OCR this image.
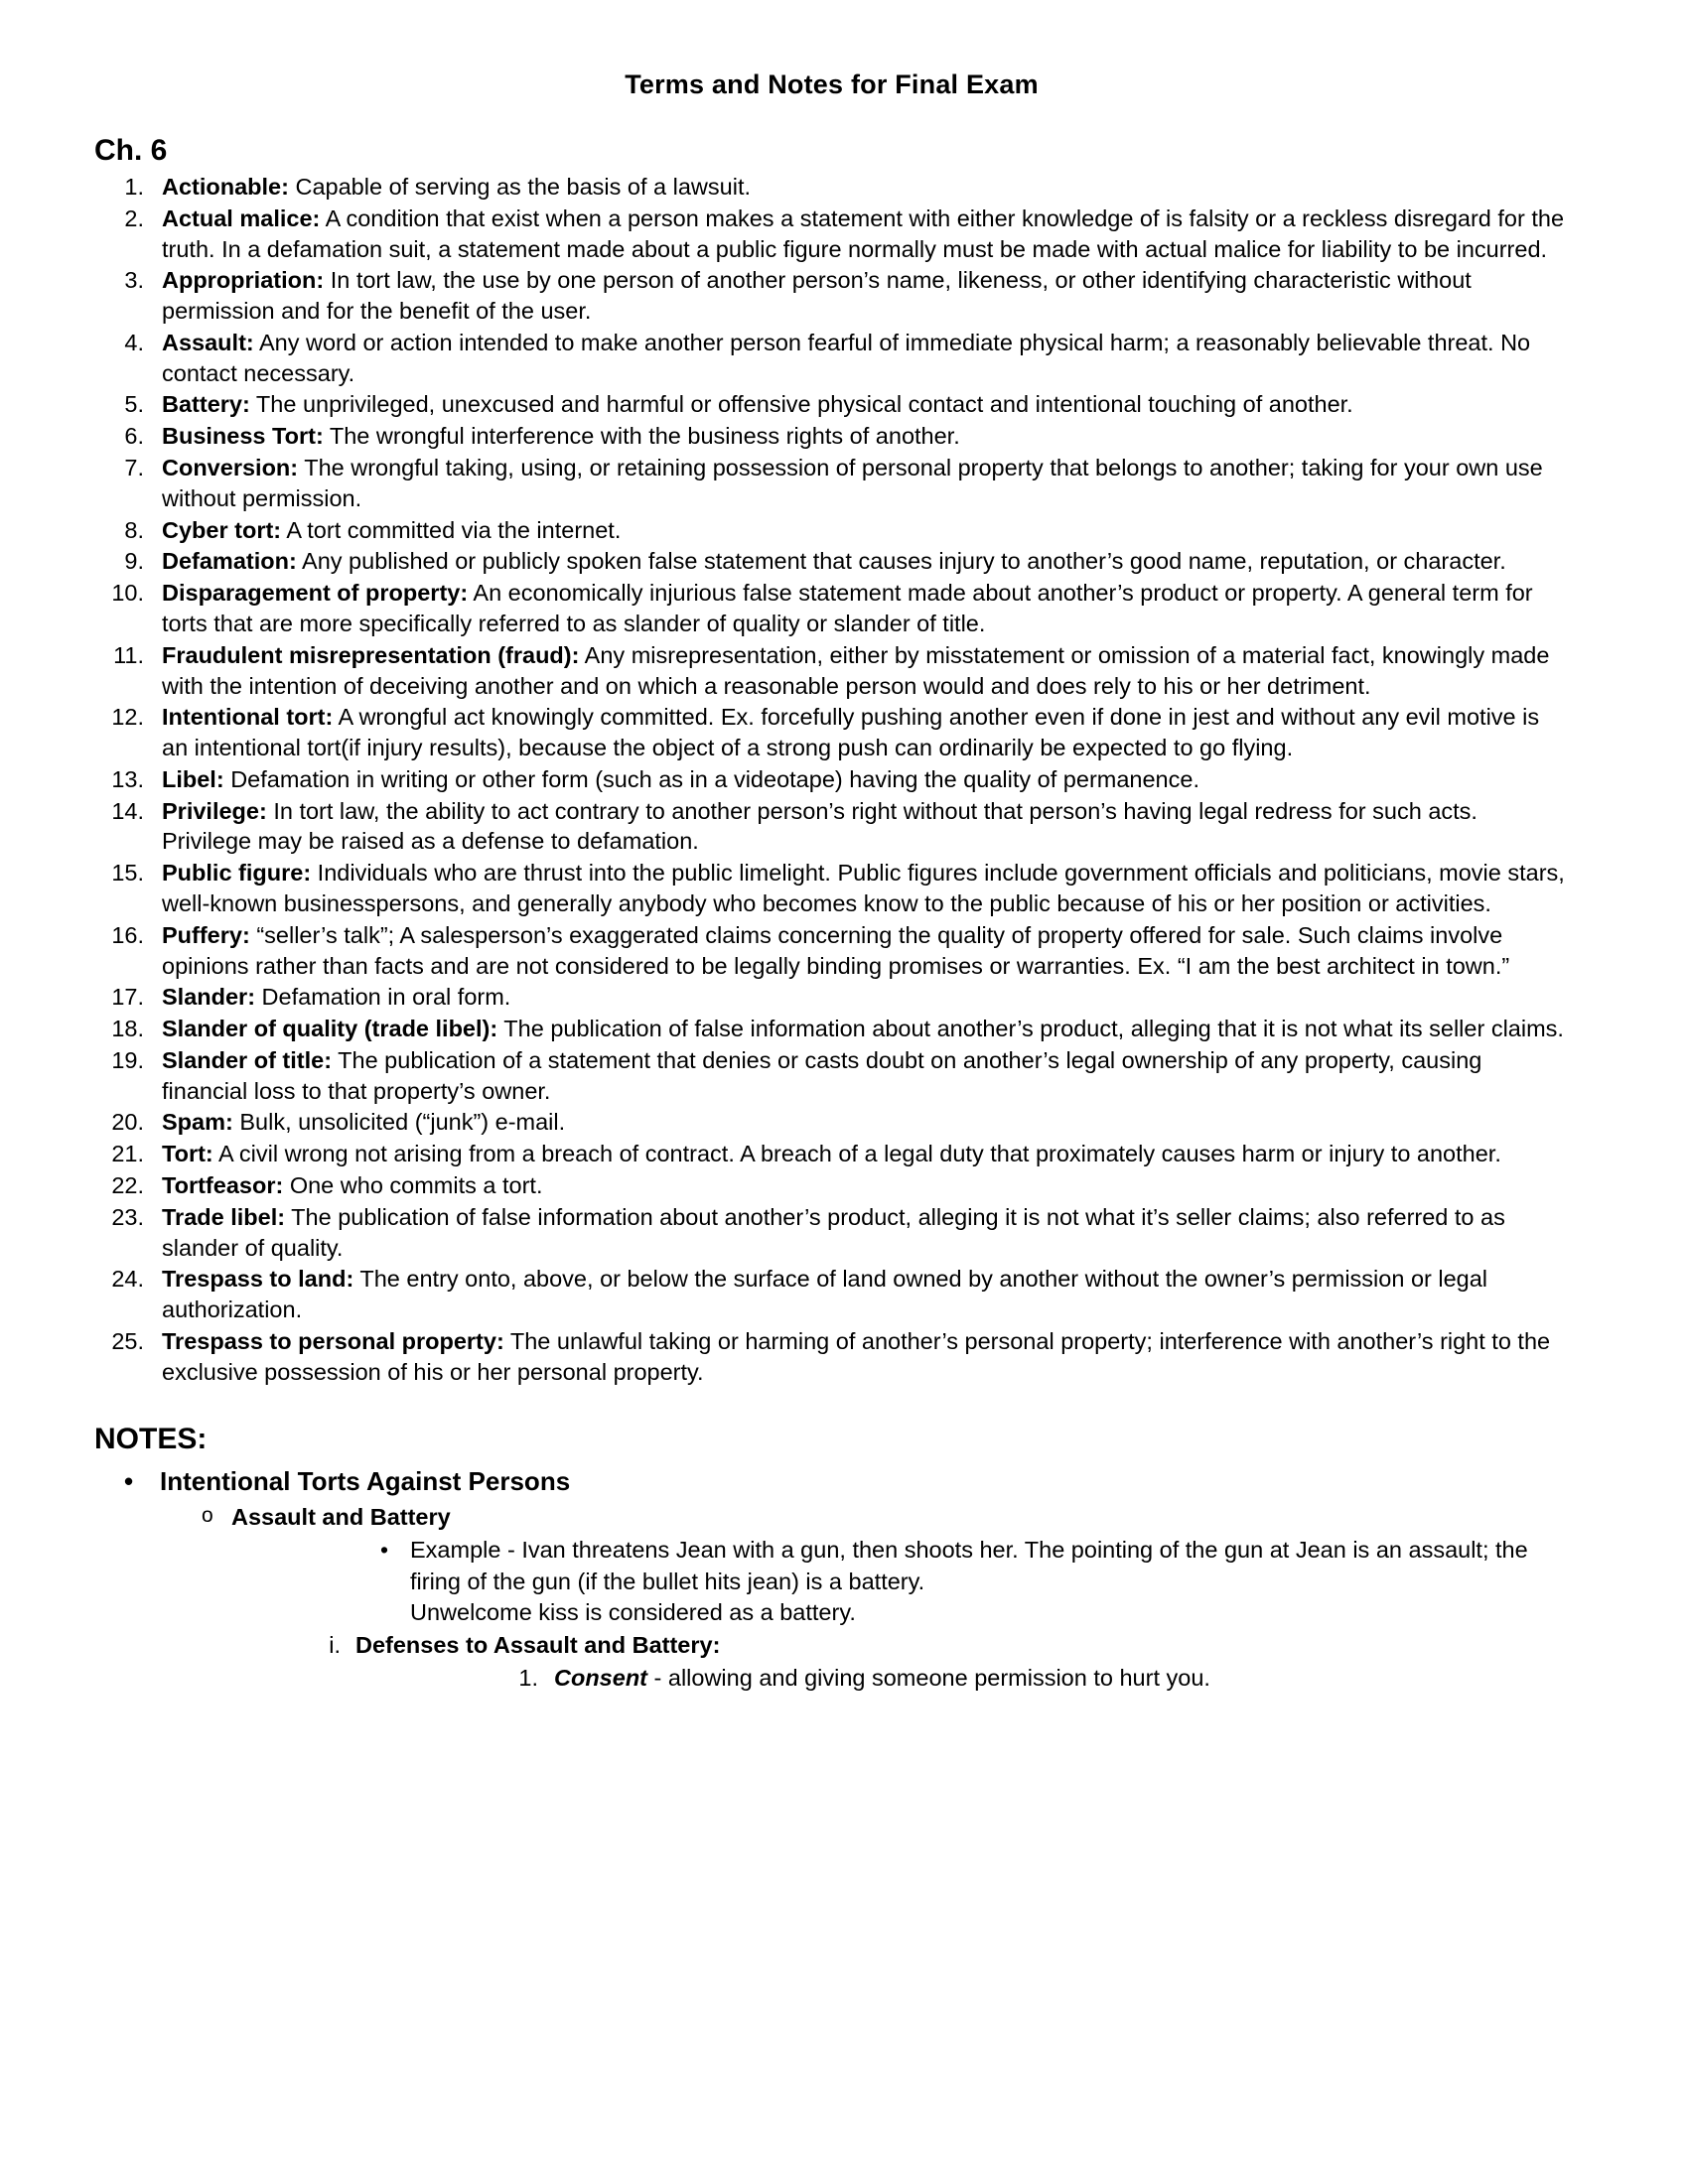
Terms and Notes for Final Exam
Ch. 6
1. Actionable: Capable of serving as the basis of a lawsuit.
2. Actual malice: A condition that exist when a person makes a statement with either knowledge of is falsity or a reckless disregard for the truth. In a defamation suit, a statement made about a public figure normally must be made with actual malice for liability to be incurred.
3. Appropriation: In tort law, the use by one person of another person’s name, likeness, or other identifying characteristic without permission and for the benefit of the user.
4. Assault: Any word or action intended to make another person fearful of immediate physical harm; a reasonably believable threat. No contact necessary.
5. Battery: The unprivileged, unexcused and harmful or offensive physical contact and intentional touching of another.
6. Business Tort: The wrongful interference with the business rights of another.
7. Conversion: The wrongful taking, using, or retaining possession of personal property that belongs to another; taking for your own use without permission.
8. Cyber tort: A tort committed via the internet.
9. Defamation: Any published or publicly spoken false statement that causes injury to another’s good name, reputation, or character.
10. Disparagement of property: An economically injurious false statement made about another’s product or property. A general term for torts that are more specifically referred to as slander of quality or slander of title.
11. Fraudulent misrepresentation (fraud): Any misrepresentation, either by misstatement or omission of a material fact, knowingly made with the intention of deceiving another and on which a reasonable person would and does rely to his or her detriment.
12. Intentional tort: A wrongful act knowingly committed. Ex. forcefully pushing another even if done in jest and without any evil motive is an intentional tort(if injury results), because the object of a strong push can ordinarily be expected to go flying.
13. Libel: Defamation in writing or other form (such as in a videotape) having the quality of permanence.
14. Privilege: In tort law, the ability to act contrary to another person’s right without that person’s having legal redress for such acts. Privilege may be raised as a defense to defamation.
15. Public figure: Individuals who are thrust into the public limelight. Public figures include government officials and politicians, movie stars, well-known businesspersons, and generally anybody who becomes know to the public because of his or her position or activities.
16. Puffery: “seller’s talk”; A salesperson’s exaggerated claims concerning the quality of property offered for sale. Such claims involve opinions rather than facts and are not considered to be legally binding promises or warranties. Ex. “I am the best architect in town.”
17. Slander: Defamation in oral form.
18. Slander of quality (trade libel): The publication of false information about another’s product, alleging that it is not what its seller claims.
19. Slander of title: The publication of a statement that denies or casts doubt on another’s legal ownership of any property, causing financial loss to that property’s owner.
20. Spam: Bulk, unsolicited (“junk”) e-mail.
21. Tort: A civil wrong not arising from a breach of contract. A breach of a legal duty that proximately causes harm or injury to another.
22. Tortfeasor: One who commits a tort.
23. Trade libel: The publication of false information about another’s product, alleging it is not what it’s seller claims; also referred to as slander of quality.
24. Trespass to land: The entry onto, above, or below the surface of land owned by another without the owner’s permission or legal authorization.
25. Trespass to personal property: The unlawful taking or harming of another’s personal property; interference with another’s right to the exclusive possession of his or her personal property.
NOTES:
• Intentional Torts Against Persons
o Assault and Battery
• Example - Ivan threatens Jean with a gun, then shoots her. The pointing of the gun at Jean is an assault; the firing of the gun (if the bullet hits jean) is a battery.
Unwelcome kiss is considered as a battery.
i. Defenses to Assault and Battery:
1. Consent - allowing and giving someone permission to hurt you.
